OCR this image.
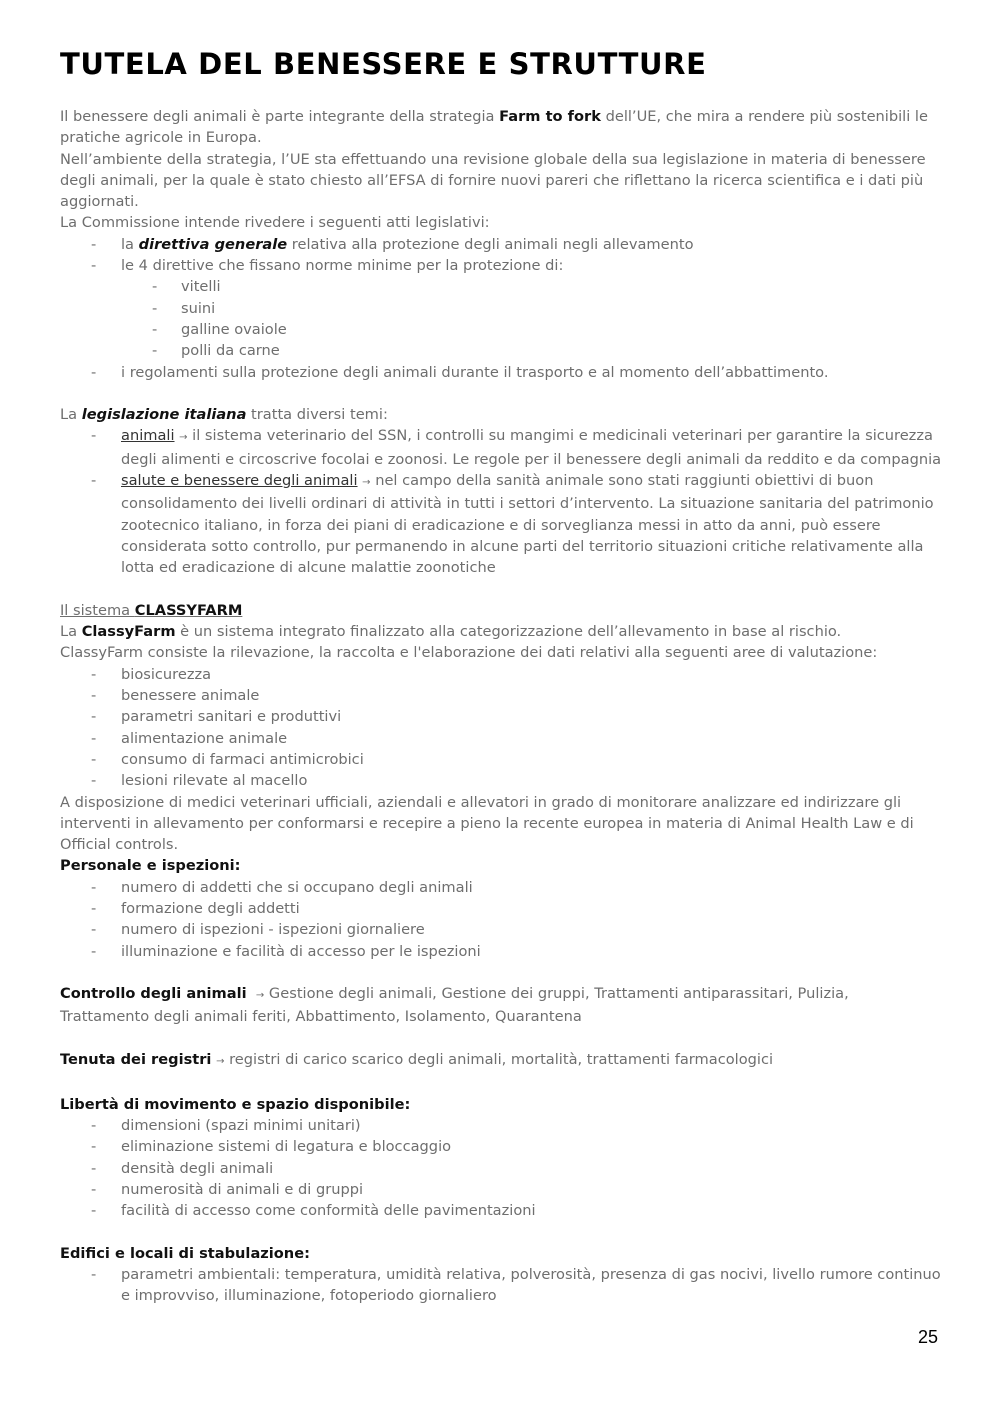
TUTELA DEL BENESSERE E STRUTTURE

Il benessere degli animali è parte integrante della strategia Farm to fork dell’UE, che mira a rendere più sostenibili le pratiche agricole in Europa.

Nell’ambiente della strategia, l’UE sta effettuando una revisione globale della sua legislazione in materia di benessere degli animali, per la quale è stato chiesto all’EFSA di fornire nuovi pareri che riflettano la ricerca scientifica e i dati più aggiornati.

La Commissione intende rivedere i seguenti atti legislativi:

- la direttiva generale relativa alla protezione degli animali negli allevamento
- le 4 direttive che fissano norme minime per la protezione di:
- vitelli
- suini
- galline ovaiole
- polli da carne
- i regolamenti sulla protezione degli animali durante il trasporto e al momento dell’abbattimento.

La legislazione italiana tratta diversi temi:

- animali → il sistema veterinario del SSN, i controlli su mangimi e medicinali veterinari per garantire la sicurezza degli alimenti e circoscrive focolai e zoonosi. Le regole per il benessere degli animali da reddito e da compagnia
- salute e benessere degli animali → nel campo della sanità animale sono stati raggiunti obiettivi di buon consolidamento dei livelli ordinari di attività in tutti i settori d’intervento. La situazione sanitaria del patrimonio zootecnico italiano, in forza dei piani di eradicazione e di sorveglianza messi in atto da anni, può essere considerata sotto controllo, pur permanendo in alcune parti del territorio situazioni critiche relativamente alla lotta ed eradicazione di alcune malattie zoonotiche

Il sistema CLASSYFARM

La ClassyFarm è un sistema integrato finalizzato alla categorizzazione dell’allevamento in base al rischio.

ClassyFarm consiste la rilevazione, la raccolta e l'elaborazione dei dati relativi alla seguenti aree di valutazione:

- biosicurezza
- benessere animale
- parametri sanitari e produttivi
- alimentazione animale
- consumo di farmaci antimicrobici
- lesioni rilevate al macello

A disposizione di medici veterinari ufficiali, aziendali e allevatori in grado di monitorare analizzare ed indirizzare gli interventi in allevamento per conformarsi e recepire a pieno la recente europea in materia di Animal Health Law e di Official controls.

Personale e ispezioni:

- numero di addetti che si occupano degli animali
- formazione degli addetti
- numero di ispezioni - ispezioni giornaliere
- illuminazione e facilità di accesso per le ispezioni

Controllo degli animali → Gestione degli animali, Gestione dei gruppi, Trattamenti antiparassitari, Pulizia, Trattamento degli animali feriti, Abbattimento, Isolamento, Quarantena

Tenuta dei registri → registri di carico scarico degli animali, mortalità, trattamenti farmacologici

Libertà di movimento e spazio disponibile:

- dimensioni (spazi minimi unitari)
- eliminazione sistemi di legatura e bloccaggio
- densità degli animali
- numerosità di animali e di gruppi
- facilità di accesso come conformità delle pavimentazioni

Edifici e locali di stabulazione:

- parametri ambientali: temperatura, umidità relativa, polverosità, presenza di gas nocivi, livello rumore continuo e improvviso, illuminazione, fotoperiodo giornaliero
25
